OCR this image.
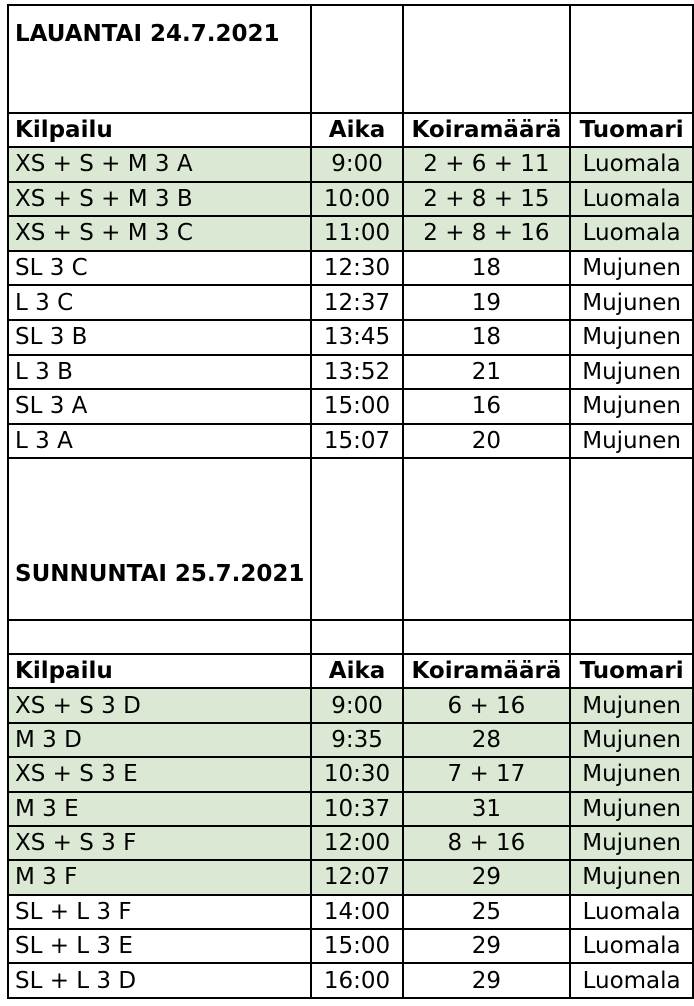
LAUANTAI 24.7.2021			
Kilpailu	Aika	Koiramäärä	Tuomari
XS + S + M 3 A	9:00	2 + 6 + 11	Luomala
XS + S + M 3 B	10:00	2 + 8 + 15	Luomala
XS + S + M 3 C	11:00	2 + 8 + 16	Luomala
SL 3 C	12:30	18	Mujunen
L 3 C	12:37	19	Mujunen
SL 3 B	13:45	18	Mujunen
L 3 B	13:52	21	Mujunen
SL 3 A	15:00	16	Mujunen
L 3 A	15:07	20	Mujunen
SUNNUNTAI 25.7.2021			

Kilpailu	Aika	Koiramäärä	Tuomari
XS + S 3 D	9:00	6 + 16	Mujunen
M 3 D	9:35	28	Mujunen
XS + S 3 E	10:30	7 + 17	Mujunen
M 3 E	10:37	31	Mujunen
XS + S 3 F	12:00	8 + 16	Mujunen
M 3 F	12:07	29	Mujunen
SL + L 3 F	14:00	25	Luomala
SL + L 3 E	15:00	29	Luomala
SL + L 3 D	16:00	29	Luomala
